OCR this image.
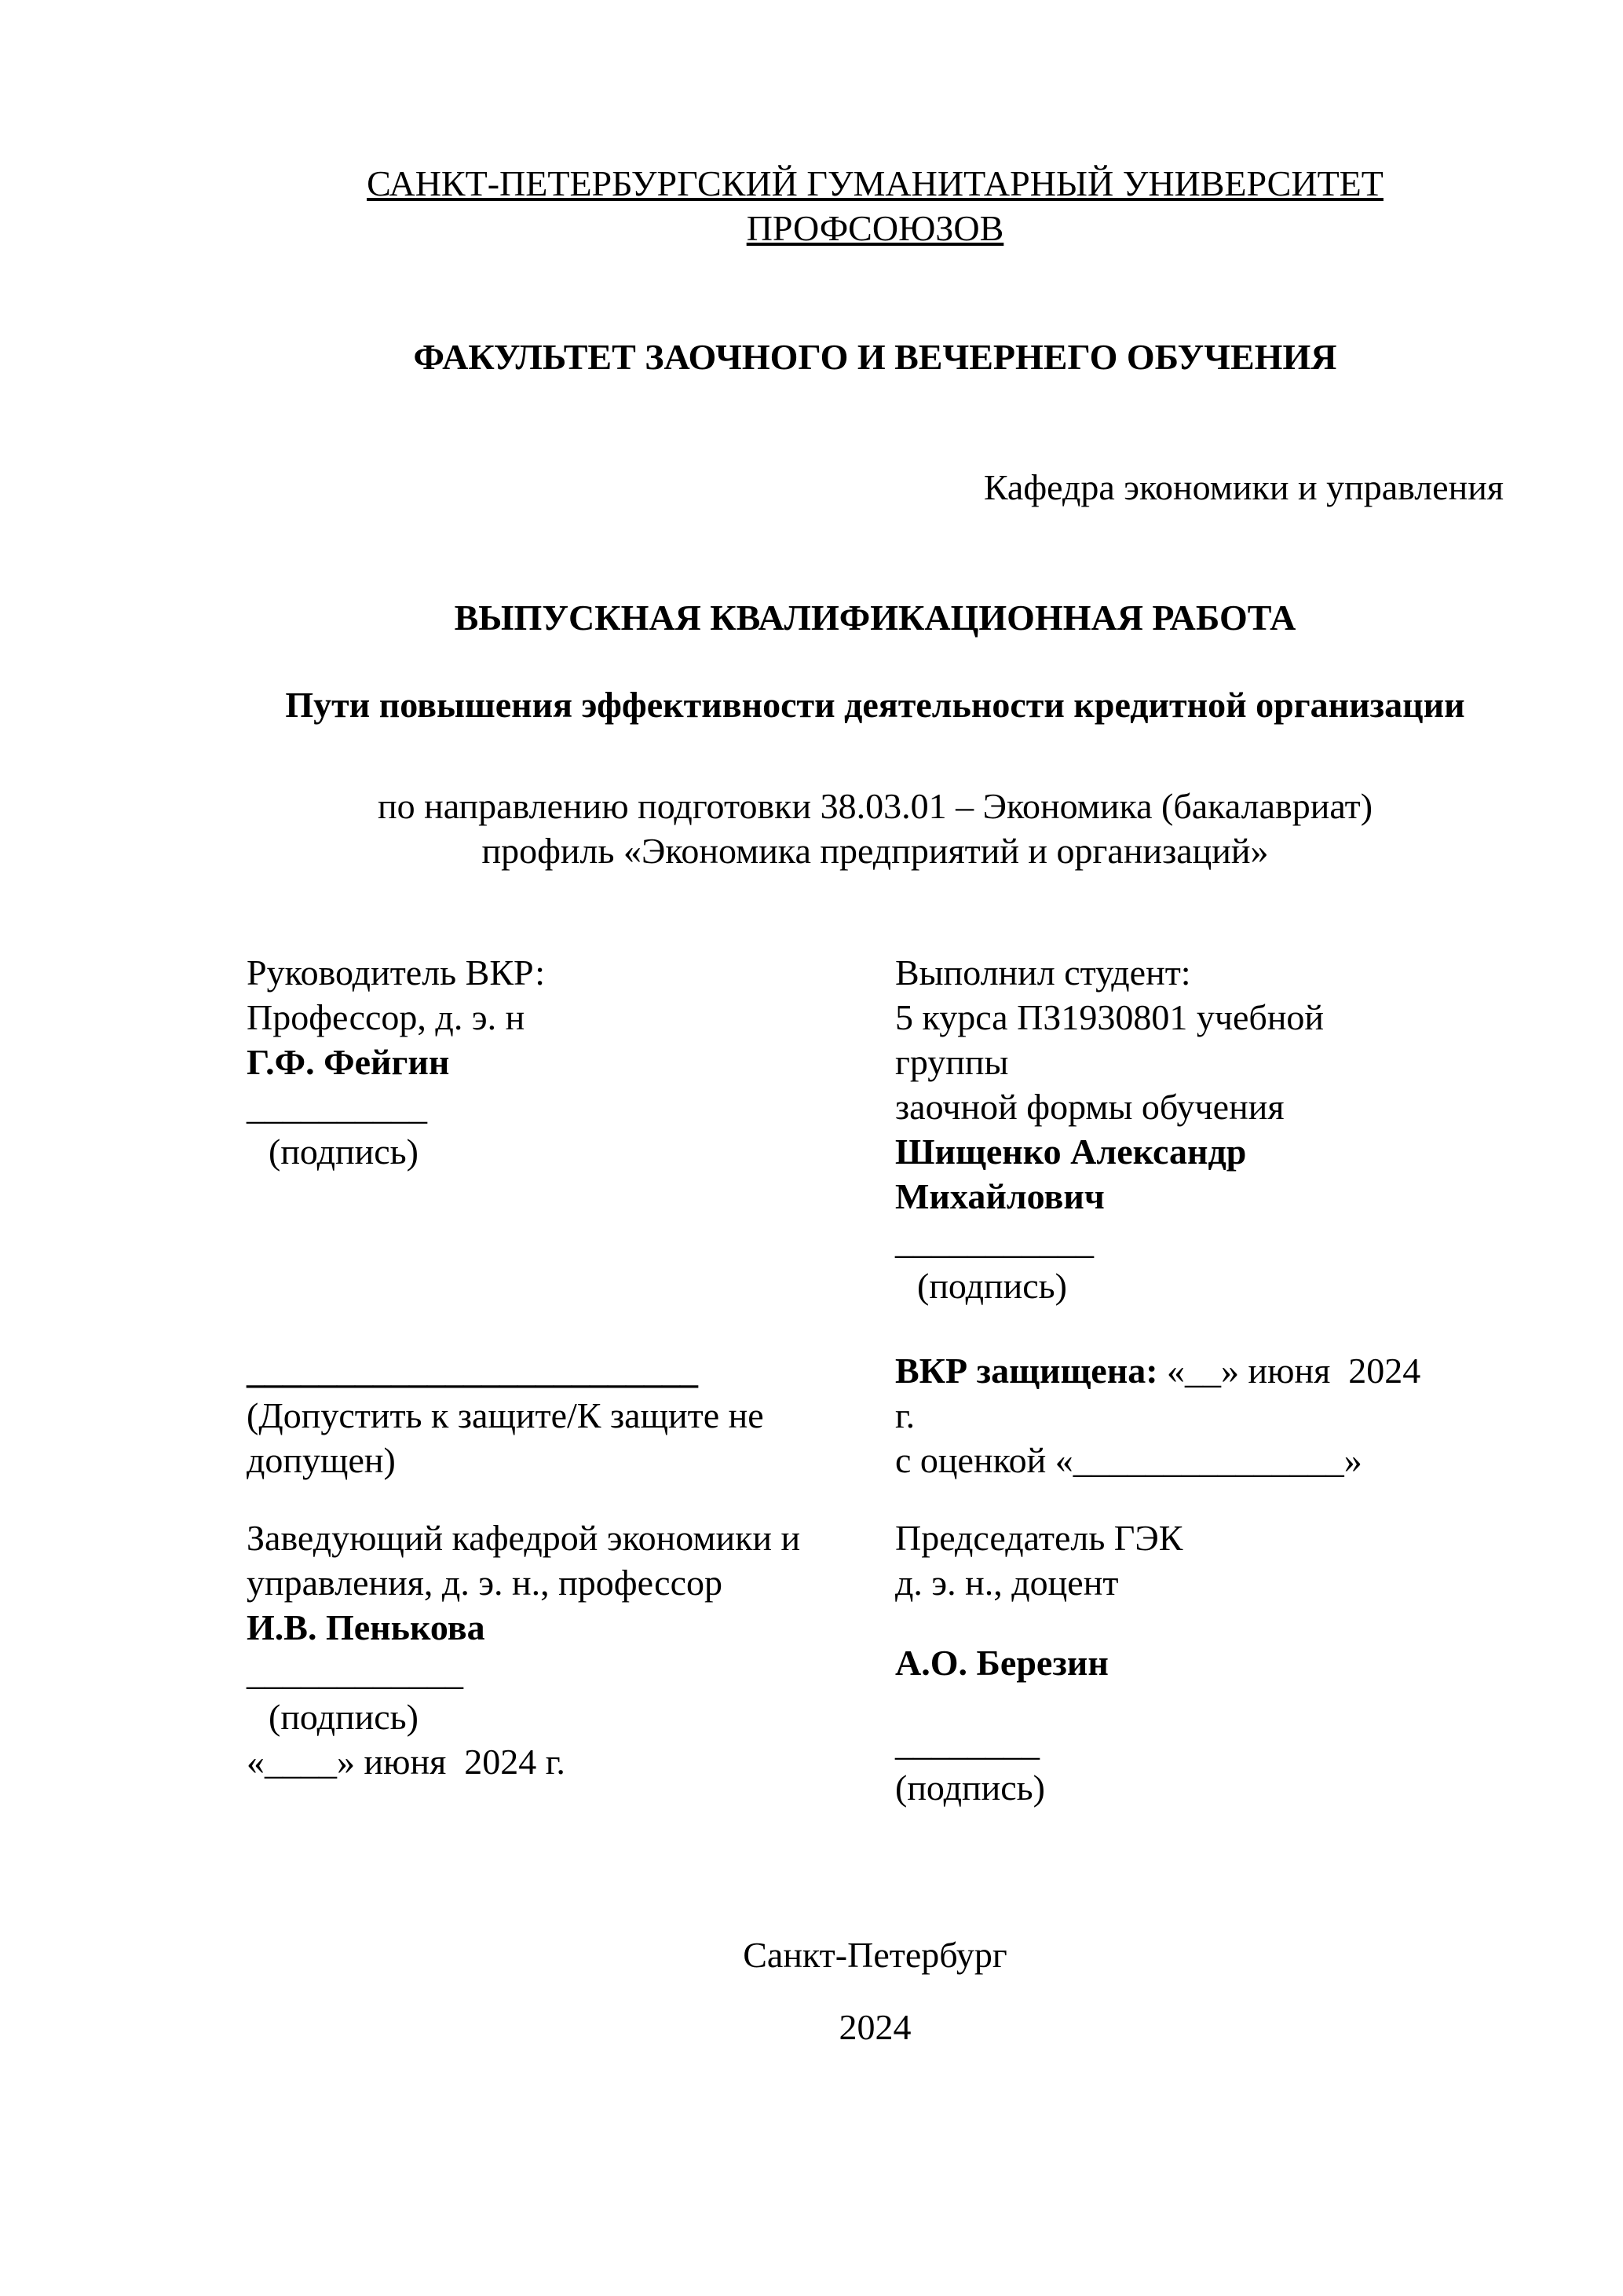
САНКТ-ПЕТЕРБУРГСКИЙ ГУМАНИТАРНЫЙ УНИВЕРСИТЕТ
ПРОФСОЮЗОВ
ФАКУЛЬТЕТ ЗАОЧНОГО И ВЕЧЕРНЕГО ОБУЧЕНИЯ
Кафедра экономики и управления
ВЫПУСКНАЯ КВАЛИФИКАЦИОННАЯ РАБОТА
Пути повышения эффективности деятельности кредитной организации
по направлению подготовки 38.03.01 – Экономика (бакалавриат)
профиль «Экономика предприятий и организаций»
Руководитель ВКР:
Профессор, д. э. н
Г.Ф. Фейгин
__________
(подпись)
Выполнил студент:
5 курса ПЗ1930801 учебной
группы
заочной формы обучения
Шищенко Александр
Михайлович
___________
(подпись)
_________________________
(Допустить к защите/К защите не
допущен)
ВКР защищена: «__» июня  2024
г.
с оценкой «_______________»
Заведующий кафедрой экономики и
управления, д. э. н., профессор
И.В. Пенькова
____________
(подпись)
«____» июня  2024 г.
Председатель ГЭК
д. э. н., доцент
А.О. Березин
________
(подпись)
Санкт-Петербург
2024
